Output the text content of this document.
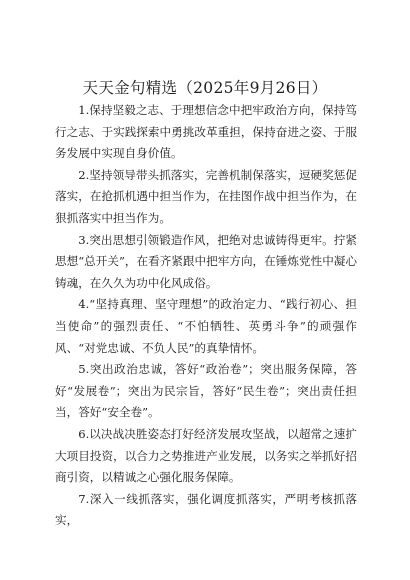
天天金句精选（2025年9月26日）

1.保持坚毅之志、于理想信念中把牢政治方向，保持笃行之志、于实践探索中勇挑改革重担，保持奋进之姿、于服务发展中实现自身价值。

2.坚持领导带头抓落实，完善机制保落实，逗硬奖惩促落实，在抢抓机遇中担当作为，在挂图作战中担当作为，在狠抓落实中担当作为。

3.突出思想引领锻造作风，把绝对忠诚铸得更牢。拧紧思想“总开关”，在看齐紧跟中把牢方向，在锤炼党性中凝心铸魂，在久久为功中化风成俗。

4.“坚持真理、坚守理想”的政治定力、“践行初心、担当使命”的强烈责任、“不怕牺牲、英勇斗争”的顽强作风、“对党忠诚、不负人民”的真挚情怀。

5.突出政治忠诚，答好“政治卷”；突出服务保障，答好“发展卷”；突出为民宗旨，答好“民生卷”；突出责任担当，答好“安全卷”。

6.以决战决胜姿态打好经济发展攻坚战，以超常之速扩大项目投资，以合力之势推进产业发展，以务实之举抓好招商引资，以精诚之心强化服务保障。

7.深入一线抓落实，强化调度抓落实，严明考核抓落实，
